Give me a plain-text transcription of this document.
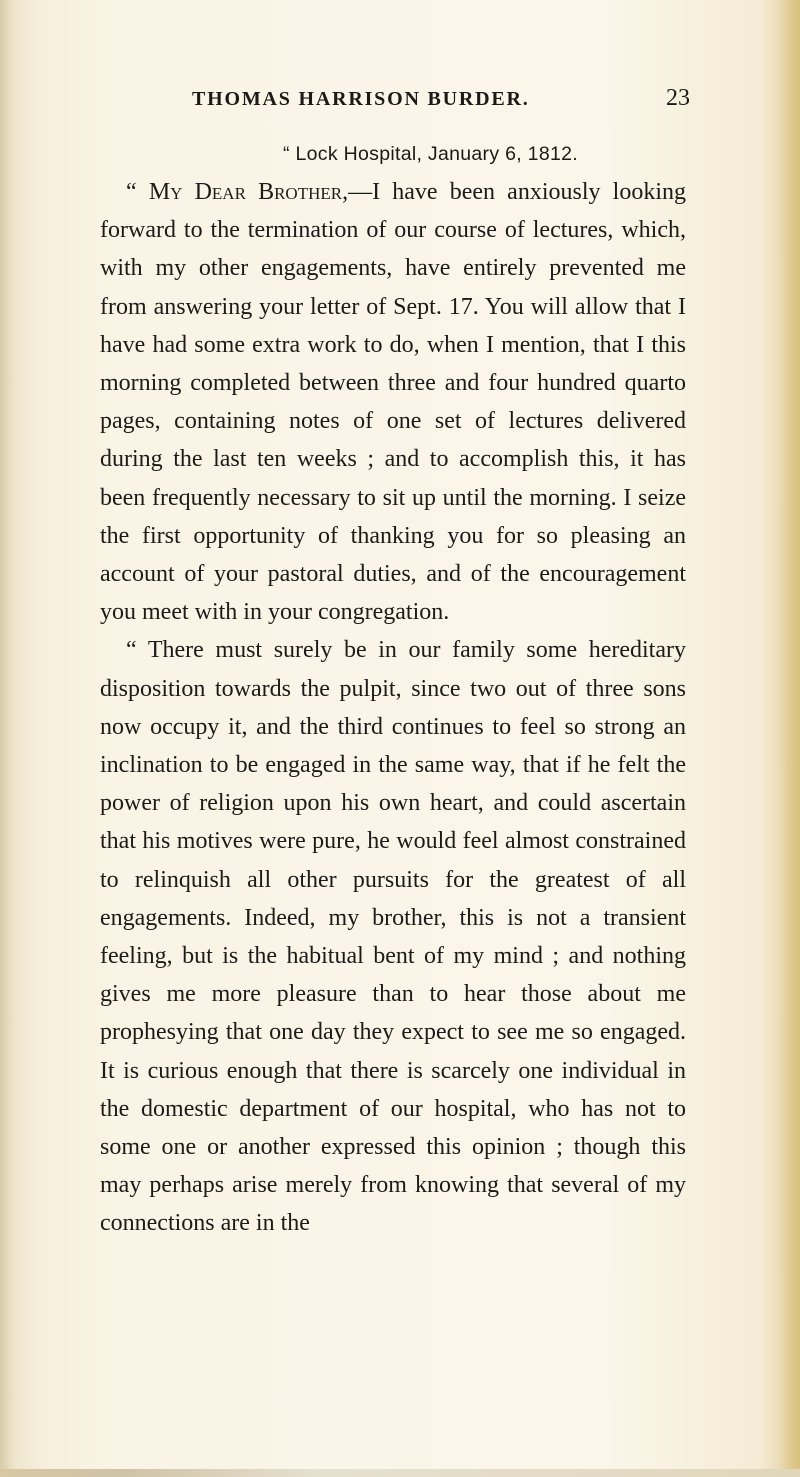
THOMAS HARRISON BURDER.	23
“ Lock Hospital, January 6, 1812.

“ My Dear Brother,—I have been anxiously looking forward to the termination of our course of lectures, which, with my other engagements, have entirely prevented me from answering your letter of Sept. 17. You will allow that I have had some extra work to do, when I mention, that I this morning completed between three and four hundred quarto pages, containing notes of one set of lectures delivered during the last ten weeks ; and to accomplish this, it has been frequently necessary to sit up until the morning. I seize the first opportunity of thanking you for so pleasing an account of your pastoral duties, and of the encouragement you meet with in your congregation.

“ There must surely be in our family some hereditary disposition towards the pulpit, since two out of three sons now occupy it, and the third continues to feel so strong an inclination to be engaged in the same way, that if he felt the power of religion upon his own heart, and could ascertain that his motives were pure, he would feel almost constrained to relinquish all other pursuits for the greatest of all engagements. Indeed, my brother, this is not a transient feeling, but is the habitual bent of my mind ; and nothing gives me more pleasure than to hear those about me prophesying that one day they expect to see me so engaged. It is curious enough that there is scarcely one individual in the domestic department of our hospital, who has not to some one or another expressed this opinion ; though this may perhaps arise merely from knowing that several of my connections are in the
